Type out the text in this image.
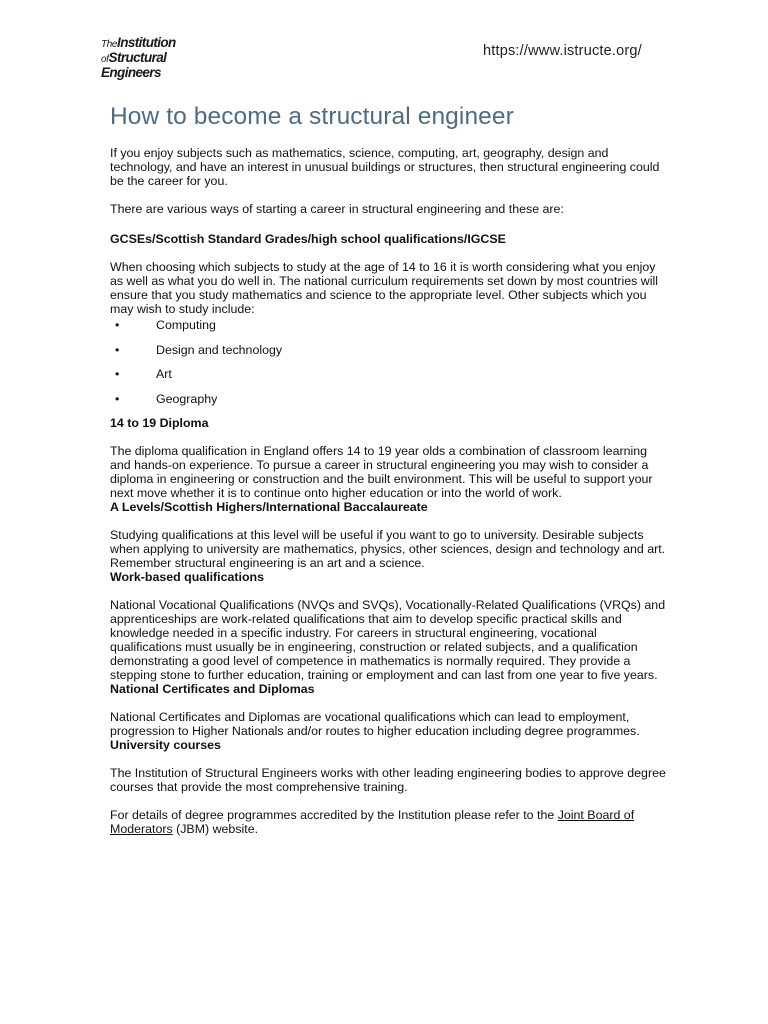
TheInstitution
ofStructural
Engineers
https://www.istructe.org/
How to become a structural engineer

If you enjoy subjects such as mathematics, science, computing, art, geography, design and technology, and have an interest in unusual buildings or structures, then structural engineering could be the career for you.

There are various ways of starting a career in structural engineering and these are:

GCSEs/Scottish Standard Grades/high school qualifications/IGCSE

When choosing which subjects to study at the age of 14 to 16 it is worth considering what you enjoy as well as what you do well in. The national curriculum requirements set down by most countries will ensure that you study mathematics and science to the appropriate level. Other subjects which you may wish to study include:

•	Computing
•	Design and technology
•	Art
•	Geography
14 to 19 Diploma

The diploma qualification in England offers 14 to 19 year olds a combination of classroom learning and hands-on experience. To pursue a career in structural engineering you may wish to consider a diploma in engineering or construction and the built environment. This will be useful to support your next move whether it is to continue onto higher education or into the world of work.

A Levels/Scottish Highers/International Baccalaureate

Studying qualifications at this level will be useful if you want to go to university. Desirable subjects when applying to university are mathematics, physics, other sciences, design and technology and art. Remember structural engineering is an art and a science.

Work-based qualifications

National Vocational Qualifications (NVQs and SVQs), Vocationally-Related Qualifications (VRQs) and apprenticeships are work-related qualifications that aim to develop specific practical skills and knowledge needed in a specific industry. For careers in structural engineering, vocational qualifications must usually be in engineering, construction or related subjects, and a qualification demonstrating a good level of competence in mathematics is normally required. They provide a stepping stone to further education, training or employment and can last from one year to five years.

National Certificates and Diplomas

National Certificates and Diplomas are vocational qualifications which can lead to employment, progression to Higher Nationals and/or routes to higher education including degree programmes.

University courses

The Institution of Structural Engineers works with other leading engineering bodies to approve degree courses that provide the most comprehensive training.

For details of degree programmes accredited by the Institution please refer to the Joint Board of Moderators (JBM) website.
